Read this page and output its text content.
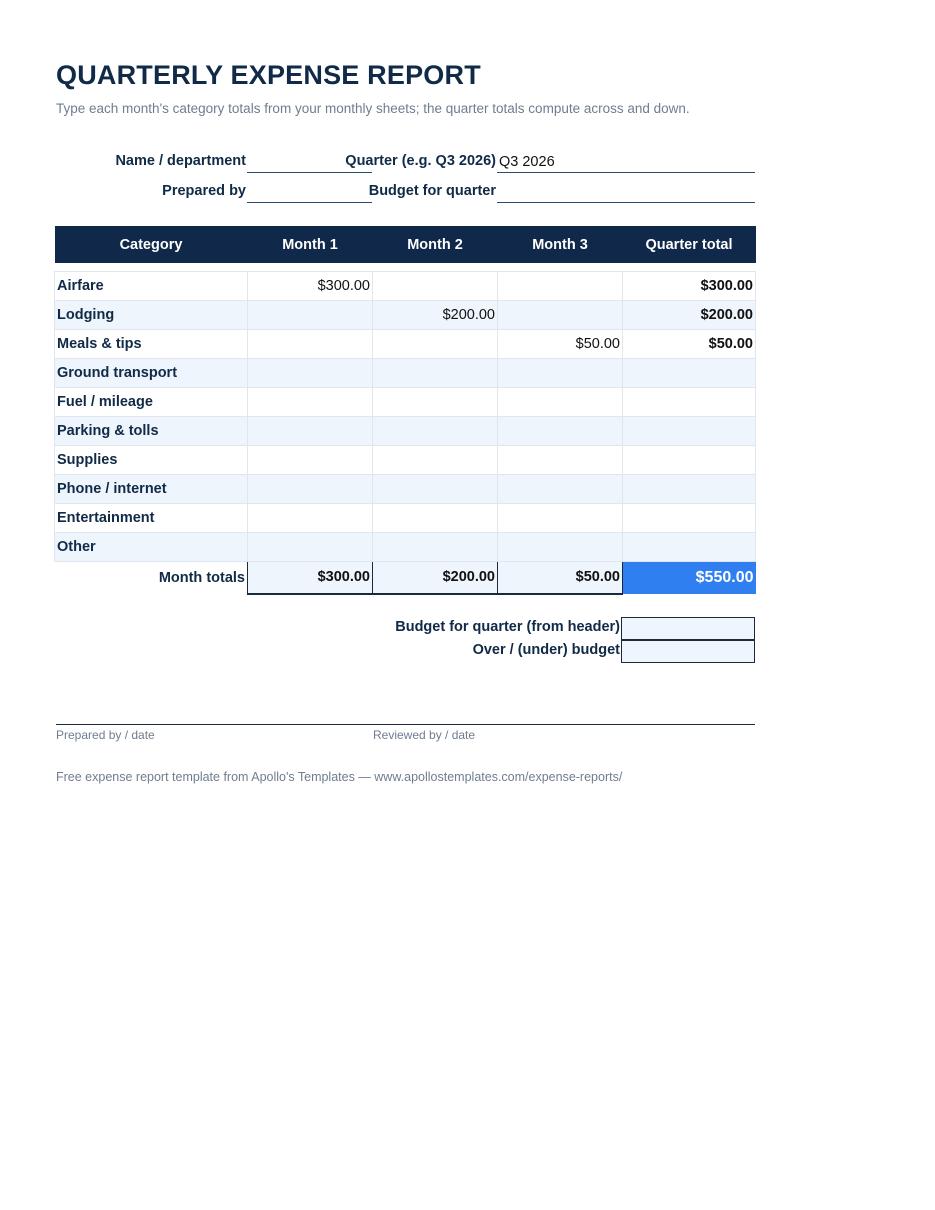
QUARTERLY EXPENSE REPORT
Type each month's category totals from your monthly sheets; the quarter totals compute across and down.
Name / department	Quarter (e.g. Q3 2026) Q3 2026
Prepared by	Budget for quarter
Category	Month 1	Month 2	Month 3	Quarter total

Airfare	$300.00			$300.00
Lodging		$200.00		$200.00
Meals & tips			$50.00	$50.00
Ground transport				
Fuel / mileage				
Parking & tolls				
Supplies				
Phone / internet				
Entertainment				
Other				
Month totals	$300.00	$200.00	$50.00	$550.00
Budget for quarter (from header)
Over / (under) budget
Prepared by / date	Reviewed by / date
Free expense report template from Apollo's Templates — www.apollostemplates.com/expense-reports/
